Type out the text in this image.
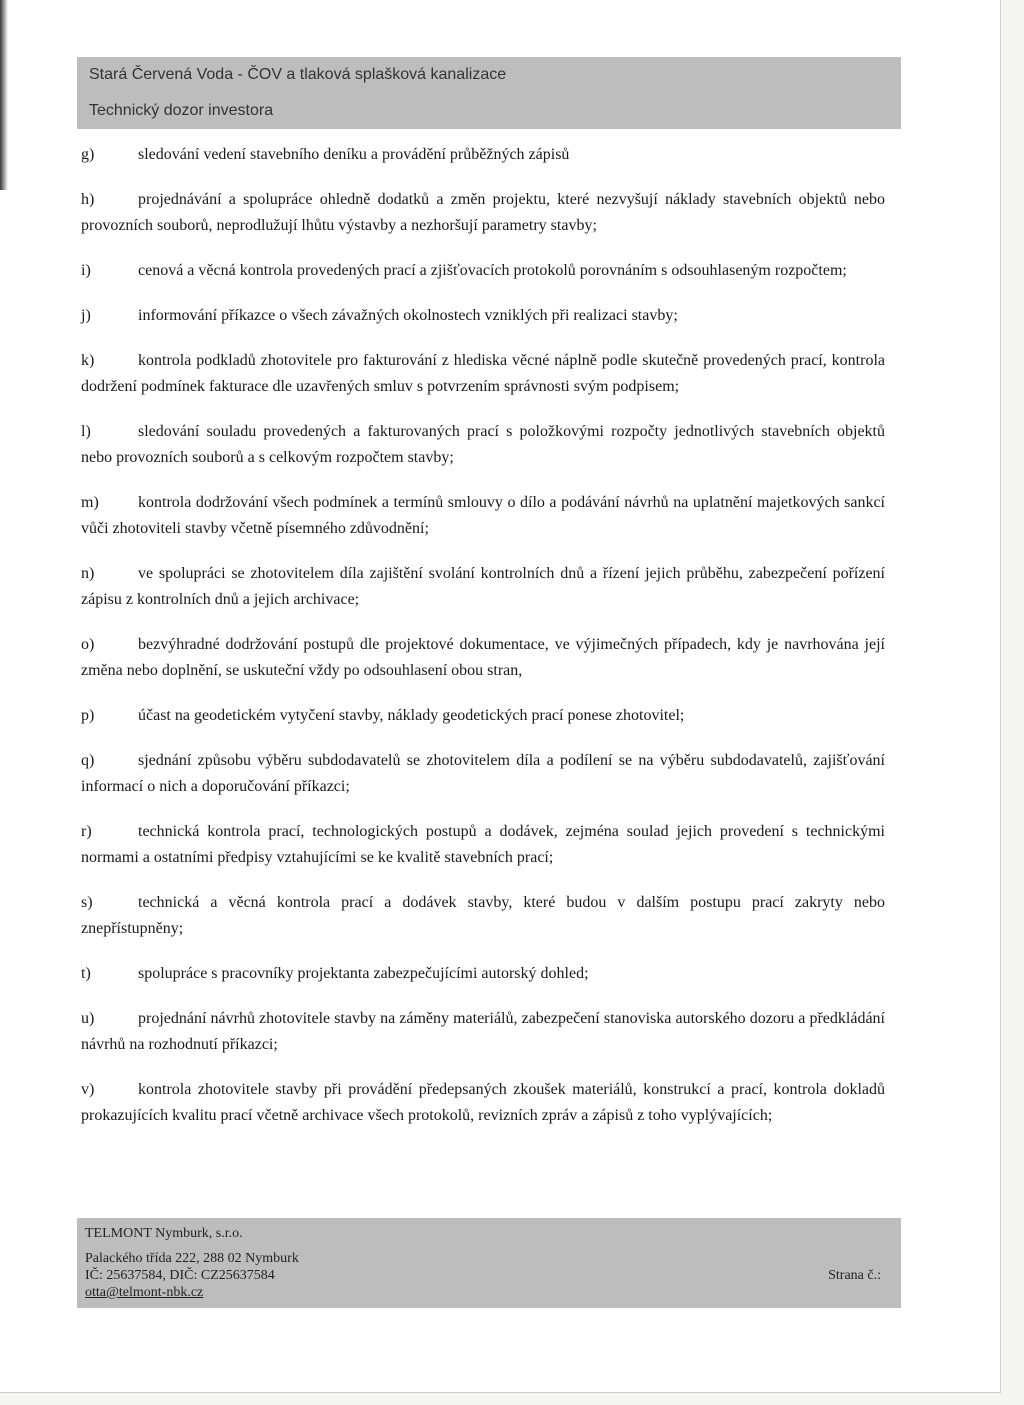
Stará Červená Voda - ČOV a tlaková splašková kanalizace
Technický dozor investora
g)	sledování vedení stavebního deníku a provádění průběžných zápisů
h)	projednávání a spolupráce ohledně dodatků a změn projektu, které nezvyšují náklady stavebních objektů nebo provozních souborů, neprodlužují lhůtu výstavby a nezhoršují parametry stavby;
i)	cenová a věcná kontrola provedených prací a zjišťovacích protokolů porovnáním s odsouhlaseným rozpočtem;
j)	informování příkazce o všech závažných okolnostech vzniklých při realizaci stavby;
k)	kontrola podkladů zhotovitele pro fakturování z hlediska věcné náplně podle skutečně provedených prací, kontrola dodržení podmínek fakturace dle uzavřených smluv s potvrzením správnosti svým podpisem;
l)	sledování souladu provedených a fakturovaných prací s položkovými rozpočty jednotlivých stavebních objektů nebo provozních souborů a s celkovým rozpočtem stavby;
m) kontrola dodržování všech podmínek a termínů smlouvy o dílo a podávání návrhů na uplatnění majetkových sankcí vůči zhotoviteli stavby včetně písemného zdůvodnění;
n)	ve spolupráci se zhotovitelem díla zajištění svolání kontrolních dnů a řízení jejich průběhu, zabezpečení pořízení zápisu z kontrolních dnů a jejich archivace;
o)	bezvýhradné dodržování postupů dle projektové dokumentace, ve výjimečných případech, kdy je navrhována její změna nebo doplnění, se uskuteční vždy po odsouhlasení obou stran,
p)	účast na geodetickém vytyčení stavby, náklady geodetických prací ponese zhotovitel;
q)	sjednání způsobu výběru subdodavatelů se zhotovitelem díla a podílení se na výběru subdodavatelů, zajišťování informací o nich a doporučování příkazci;
r)	technická kontrola prací, technologických postupů a dodávek, zejména soulad jejich provedení s technickými normami a ostatními předpisy vztahujícími se ke kvalitě stavebních prací;
s)	technická a věcná kontrola prací a dodávek stavby, které budou v dalším postupu prací zakryty nebo znepřístupněny;
t)	spolupráce s pracovníky projektanta zabezpečujícími autorský dohled;
u)	projednání návrhů zhotovitele stavby na záměny materiálů, zabezpečení stanoviska autorského dozoru a předkládání návrhů na rozhodnutí příkazci;
v)	kontrola zhotovitele stavby při provádění předepsaných zkoušek materiálů, konstrukcí a prací, kontrola dokladů prokazujících kvalitu prací včetně archivace všech protokolů, revizních zpráv a zápisů z toho vyplývajících;
TELMONT Nymburk, s.r.o.
Palackého třída 222, 288 02 Nymburk
IČ: 25637584, DIČ: CZ25637584
otta@telmont-nbk.cz
Strana č.:
